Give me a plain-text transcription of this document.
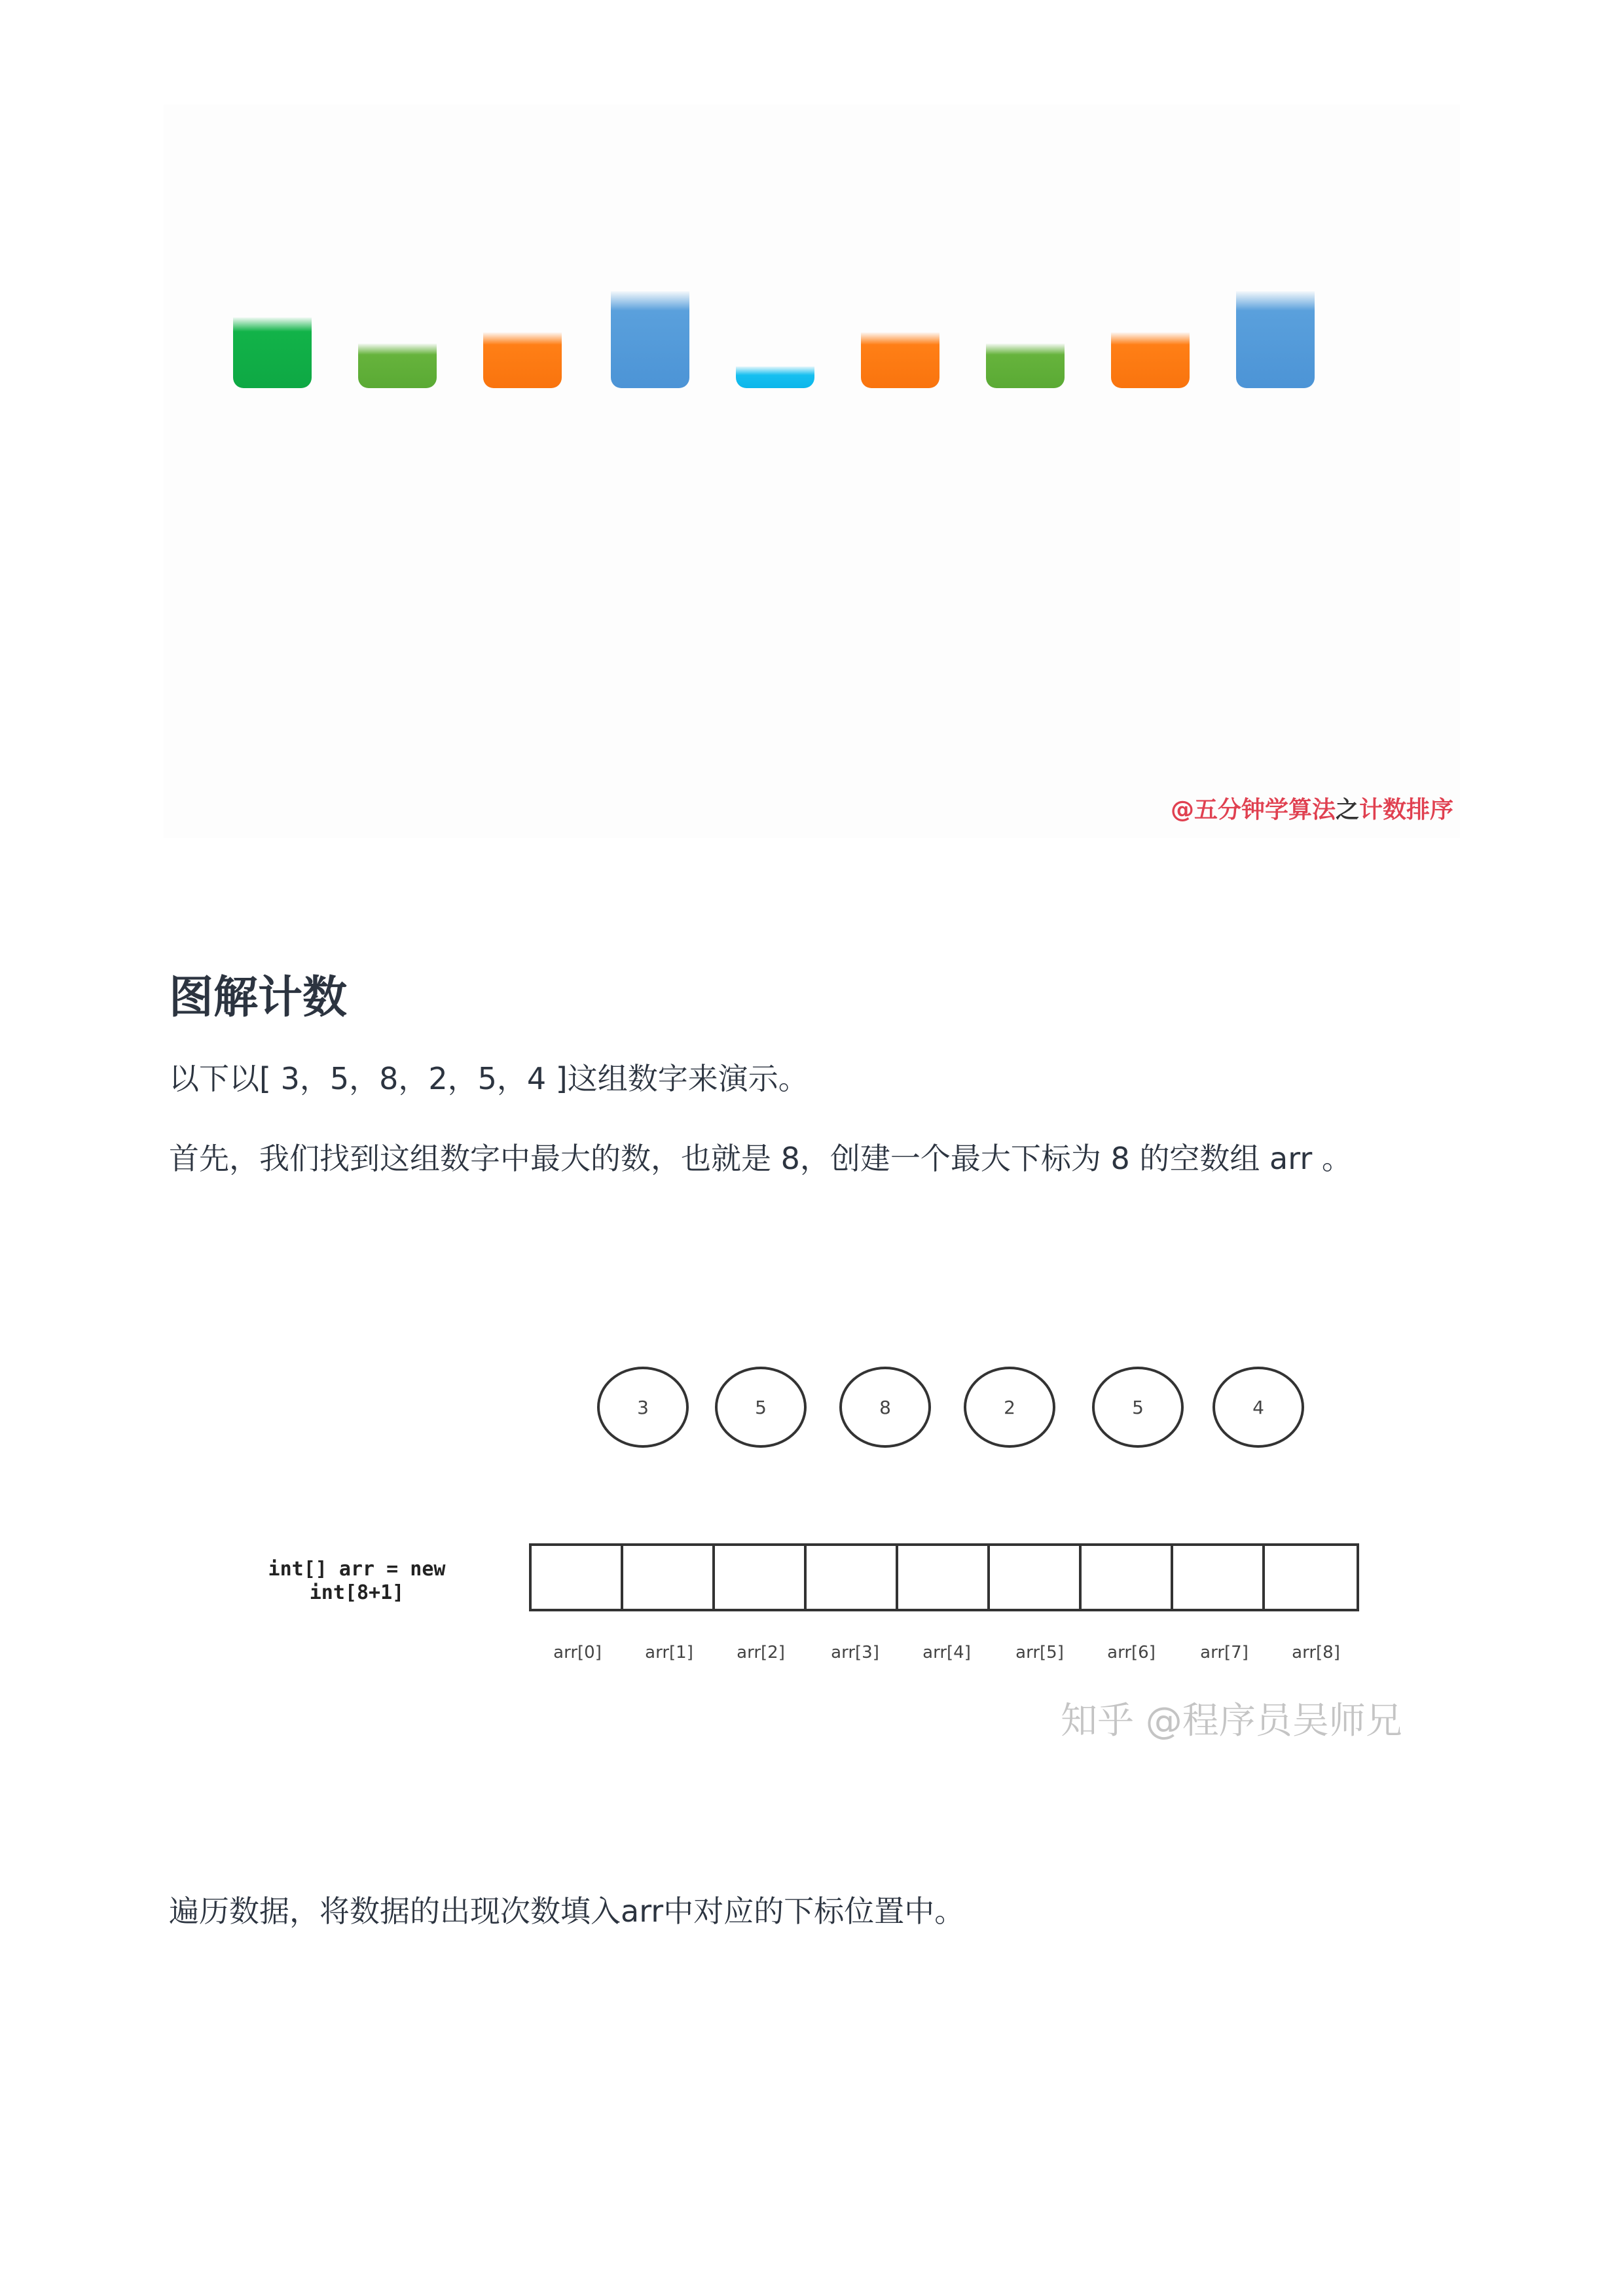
@五分钟学算法之计数排序
图解计数

以下以[ 3，5，8，2，5，4 ]这组数字来演示。

首先，我们找到这组数字中最大的数，也就是 8，创建一个最大下标为 8 的空数组 arr 。

3	5	8	2	5	4
int[] arr = new
int[8+1]
arr[0]	arr[1]	arr[2]	arr[3]	arr[4]	arr[5]	arr[6]	arr[7]	arr[8]
知乎 @程序员吴师兄

遍历数据，将数据的出现次数填入arr中对应的下标位置中。
